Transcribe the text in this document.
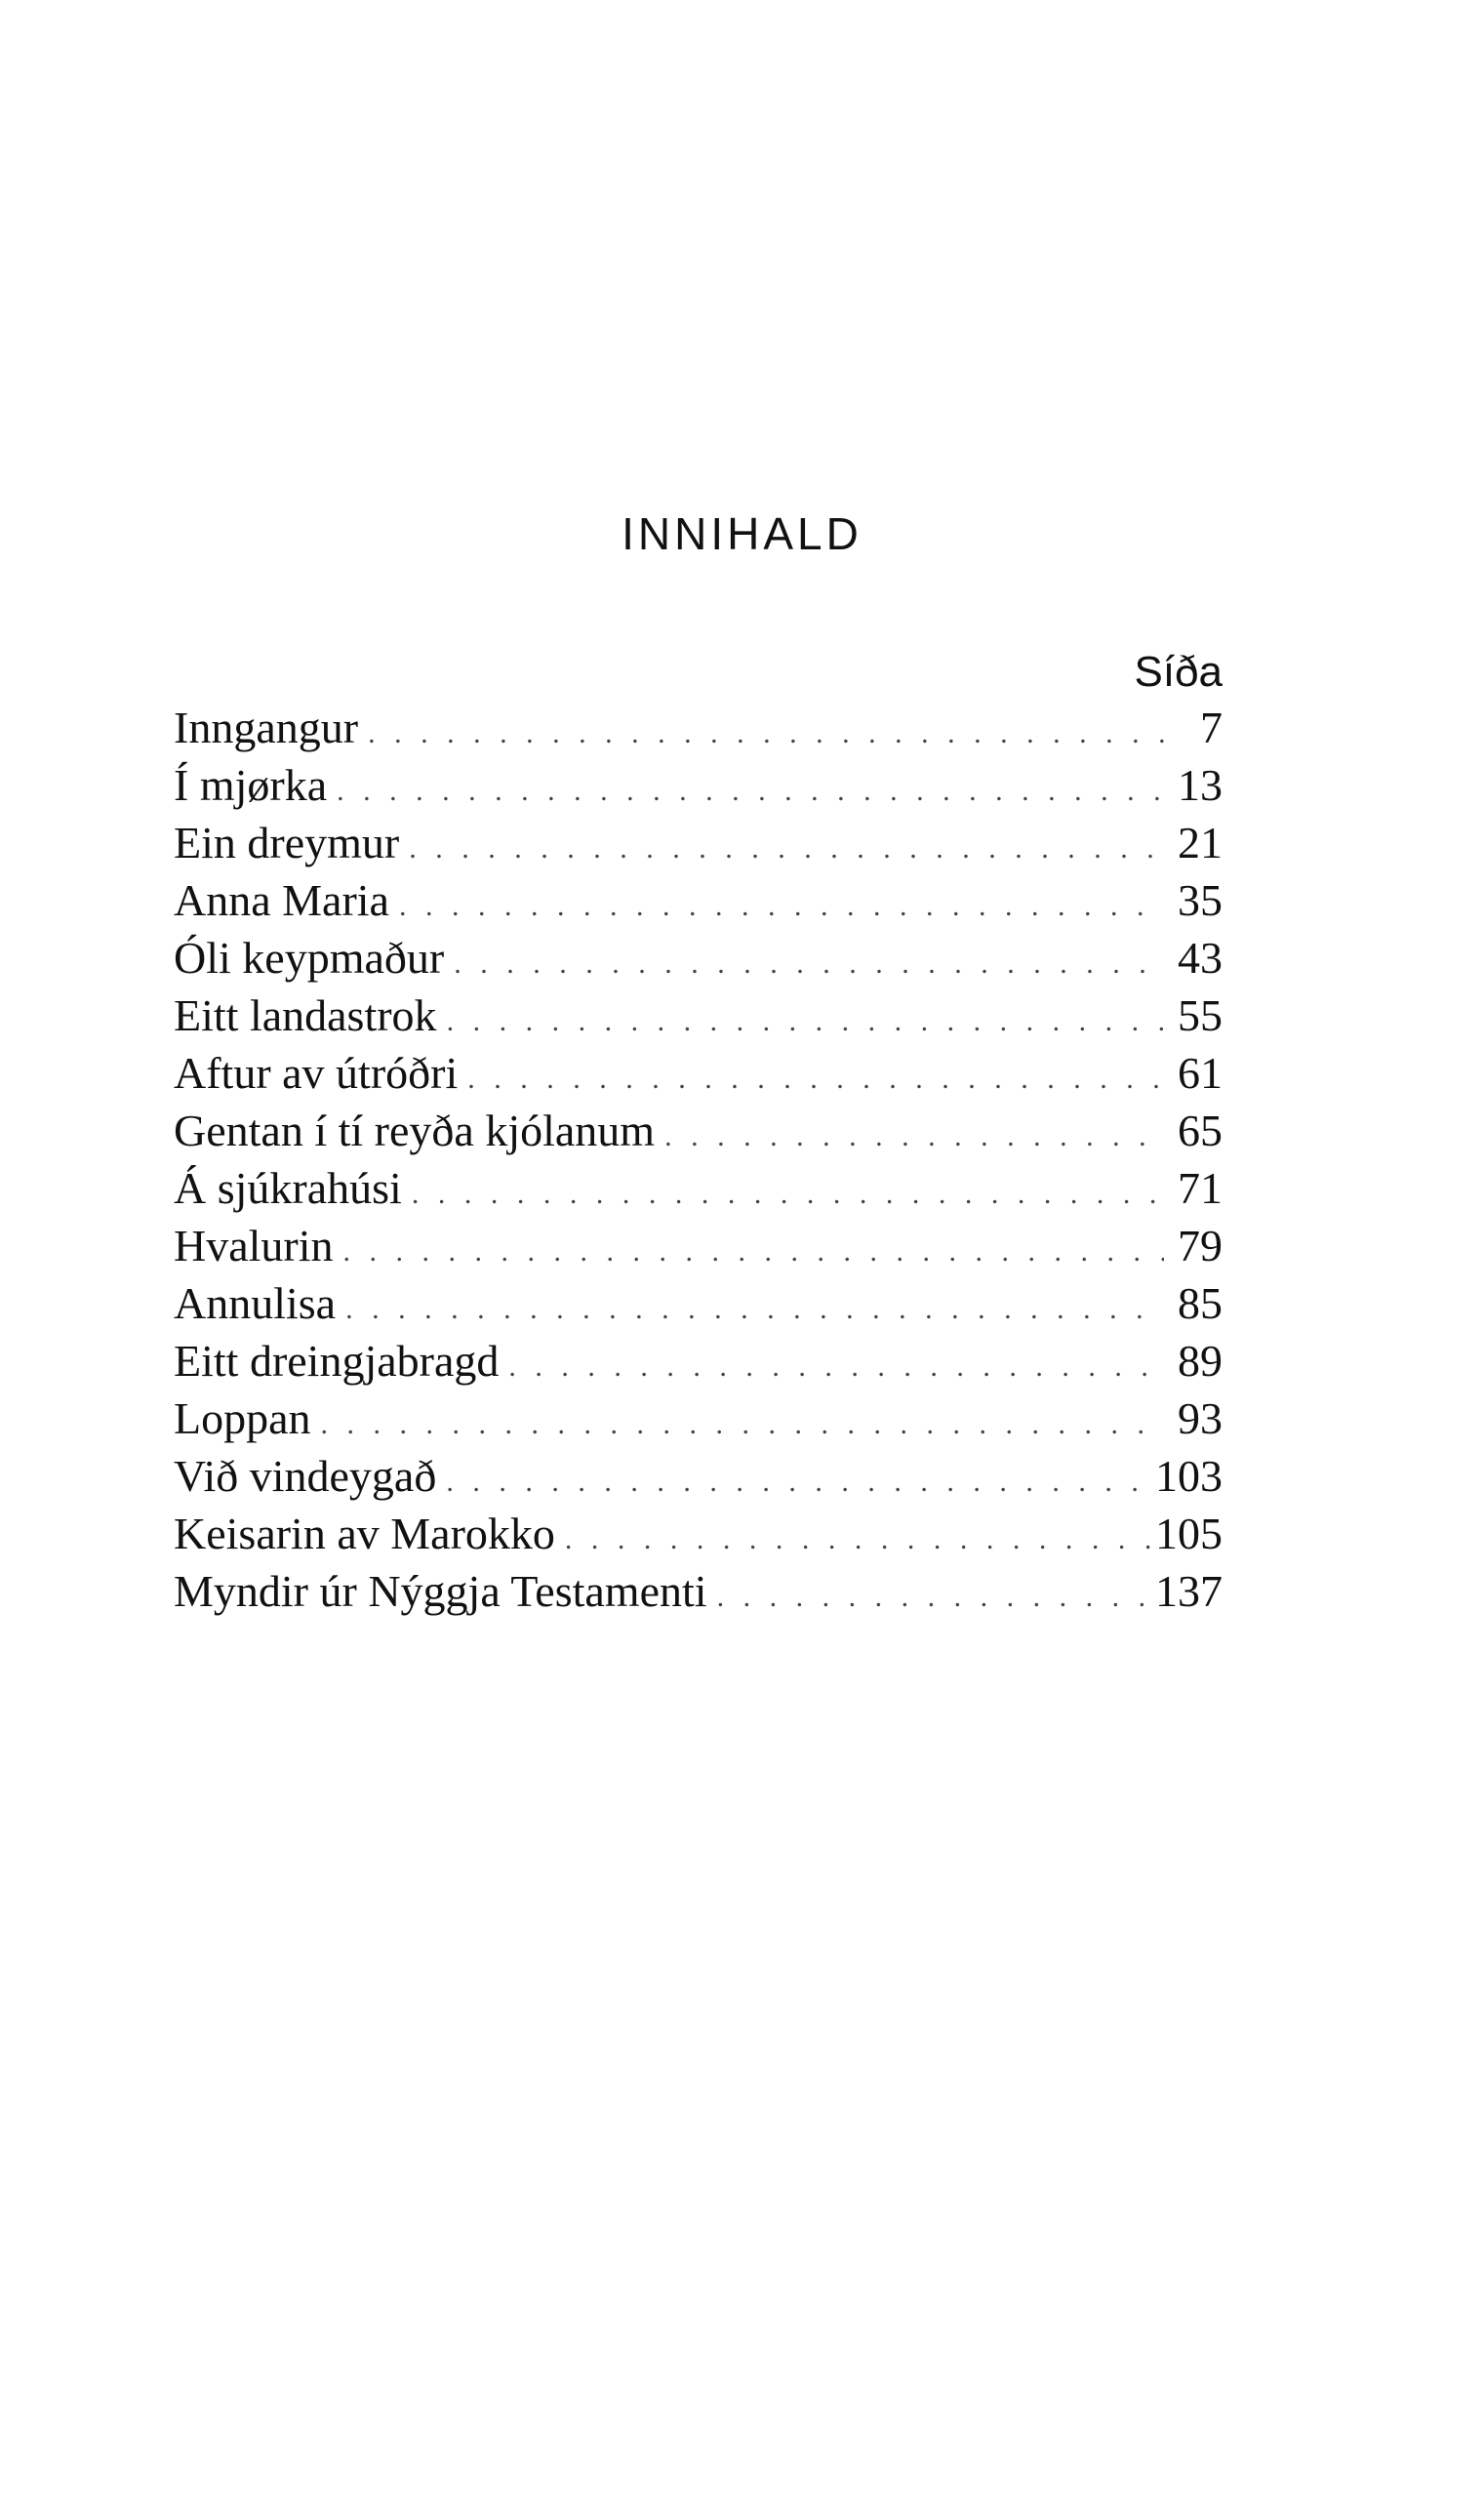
INNIHALD
Síða
Inngangur . . .	7
Í mjørka . . .	13
Ein dreymur . . .	21
Anna Maria . . .	35
Óli keypmaður . . .	43
Eitt landastrok . . .	55
Aftur av útróðri . . .	61
Gentan í tí reyða kjólanum . . .	65
Á sjúkrahúsi . . .	71
Hvalurin . . .	79
Annulisa . . .	85
Eitt dreingjabragd . . .	89
Loppan . . .	93
Við vindeygað . . .	103
Keisarin av Marokko . . .	105
Myndir úr Nýggja Testamenti . . .	137
